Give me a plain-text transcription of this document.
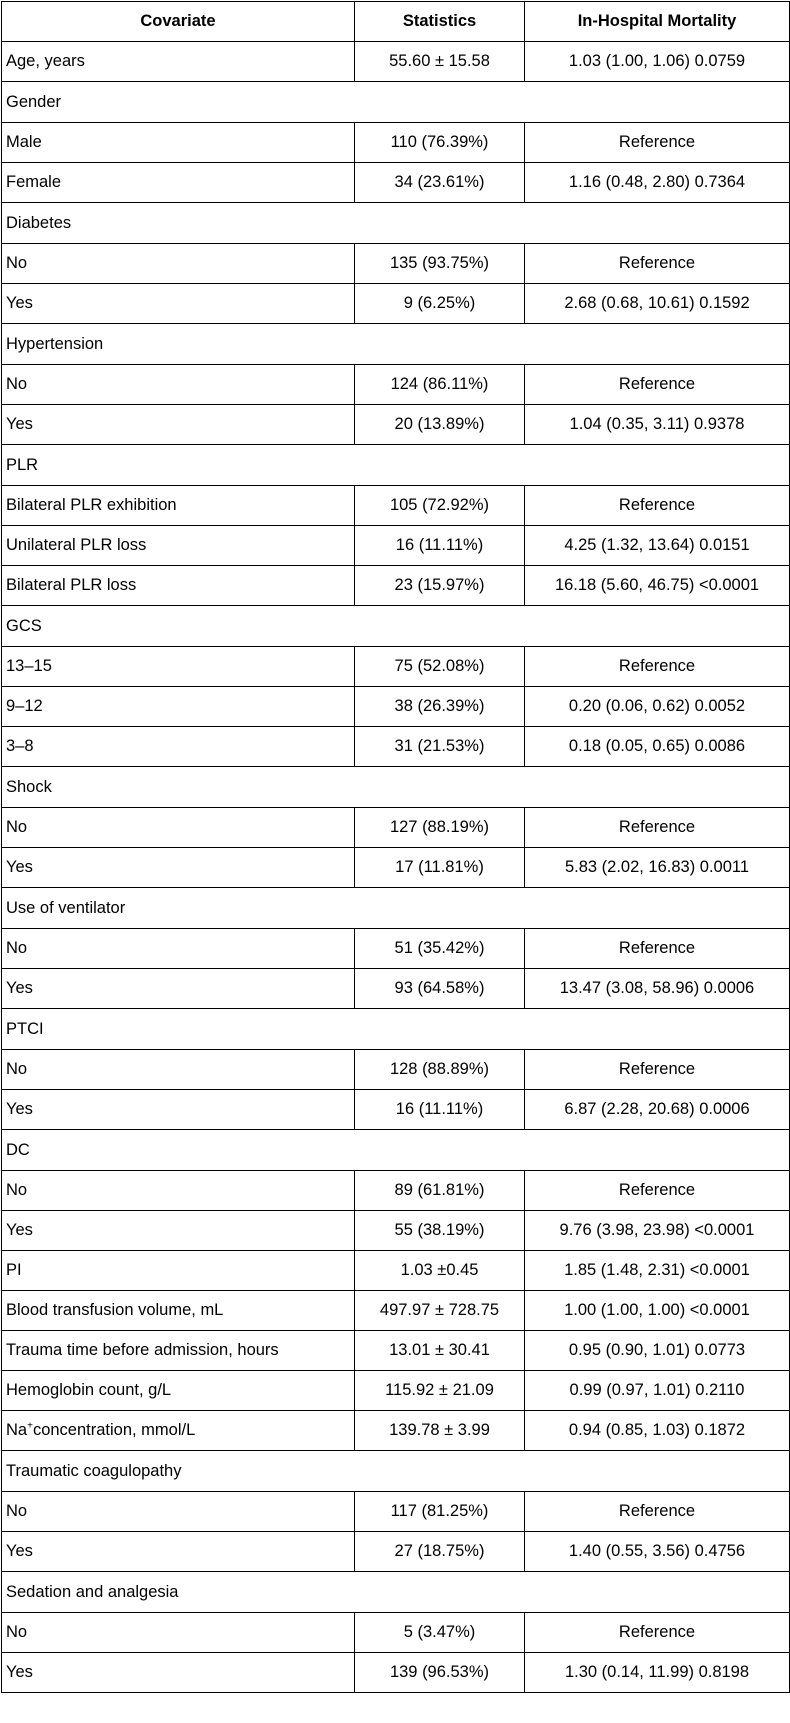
Covariate	Statistics	In-Hospital Mortality
Age, years	55.60 ± 15.58	1.03 (1.00, 1.06) 0.0759
Gender		
Male	110 (76.39%)	Reference
Female	34 (23.61%)	1.16 (0.48, 2.80) 0.7364
Diabetes		
No	135 (93.75%)	Reference
Yes	9 (6.25%)	2.68 (0.68, 10.61) 0.1592
Hypertension		
No	124 (86.11%)	Reference
Yes	20 (13.89%)	1.04 (0.35, 3.11) 0.9378
PLR		
Bilateral PLR exhibition	105 (72.92%)	Reference
Unilateral PLR loss	16 (11.11%)	4.25 (1.32, 13.64) 0.0151
Bilateral PLR loss	23 (15.97%)	16.18 (5.60, 46.75) <0.0001
GCS		
13–15	75 (52.08%)	Reference
9–12	38 (26.39%)	0.20 (0.06, 0.62) 0.0052
3–8	31 (21.53%)	0.18 (0.05, 0.65) 0.0086
Shock		
No	127 (88.19%)	Reference
Yes	17 (11.81%)	5.83 (2.02, 16.83) 0.0011
Use of ventilator		
No	51 (35.42%)	Reference
Yes	93 (64.58%)	13.47 (3.08, 58.96) 0.0006
PTCI		
No	128 (88.89%)	Reference
Yes	16 (11.11%)	6.87 (2.28, 20.68) 0.0006
DC		
No	89 (61.81%)	Reference
Yes	55 (38.19%)	9.76 (3.98, 23.98) <0.0001
PI	1.03 ±0.45	1.85 (1.48, 2.31) <0.0001
Blood transfusion volume, mL	497.97 ± 728.75	1.00 (1.00, 1.00) <0.0001
Trauma time before admission, hours	13.01 ± 30.41	0.95 (0.90, 1.01) 0.0773
Hemoglobin count, g/L	115.92 ± 21.09	0.99 (0.97, 1.01) 0.2110
Na+concentration, mmol/L	139.78 ± 3.99	0.94 (0.85, 1.03) 0.1872
Traumatic coagulopathy		
No	117 (81.25%)	Reference
Yes	27 (18.75%)	1.40 (0.55, 3.56) 0.4756
Sedation and analgesia		
No	5 (3.47%)	Reference
Yes	139 (96.53%)	1.30 (0.14, 11.99) 0.8198
